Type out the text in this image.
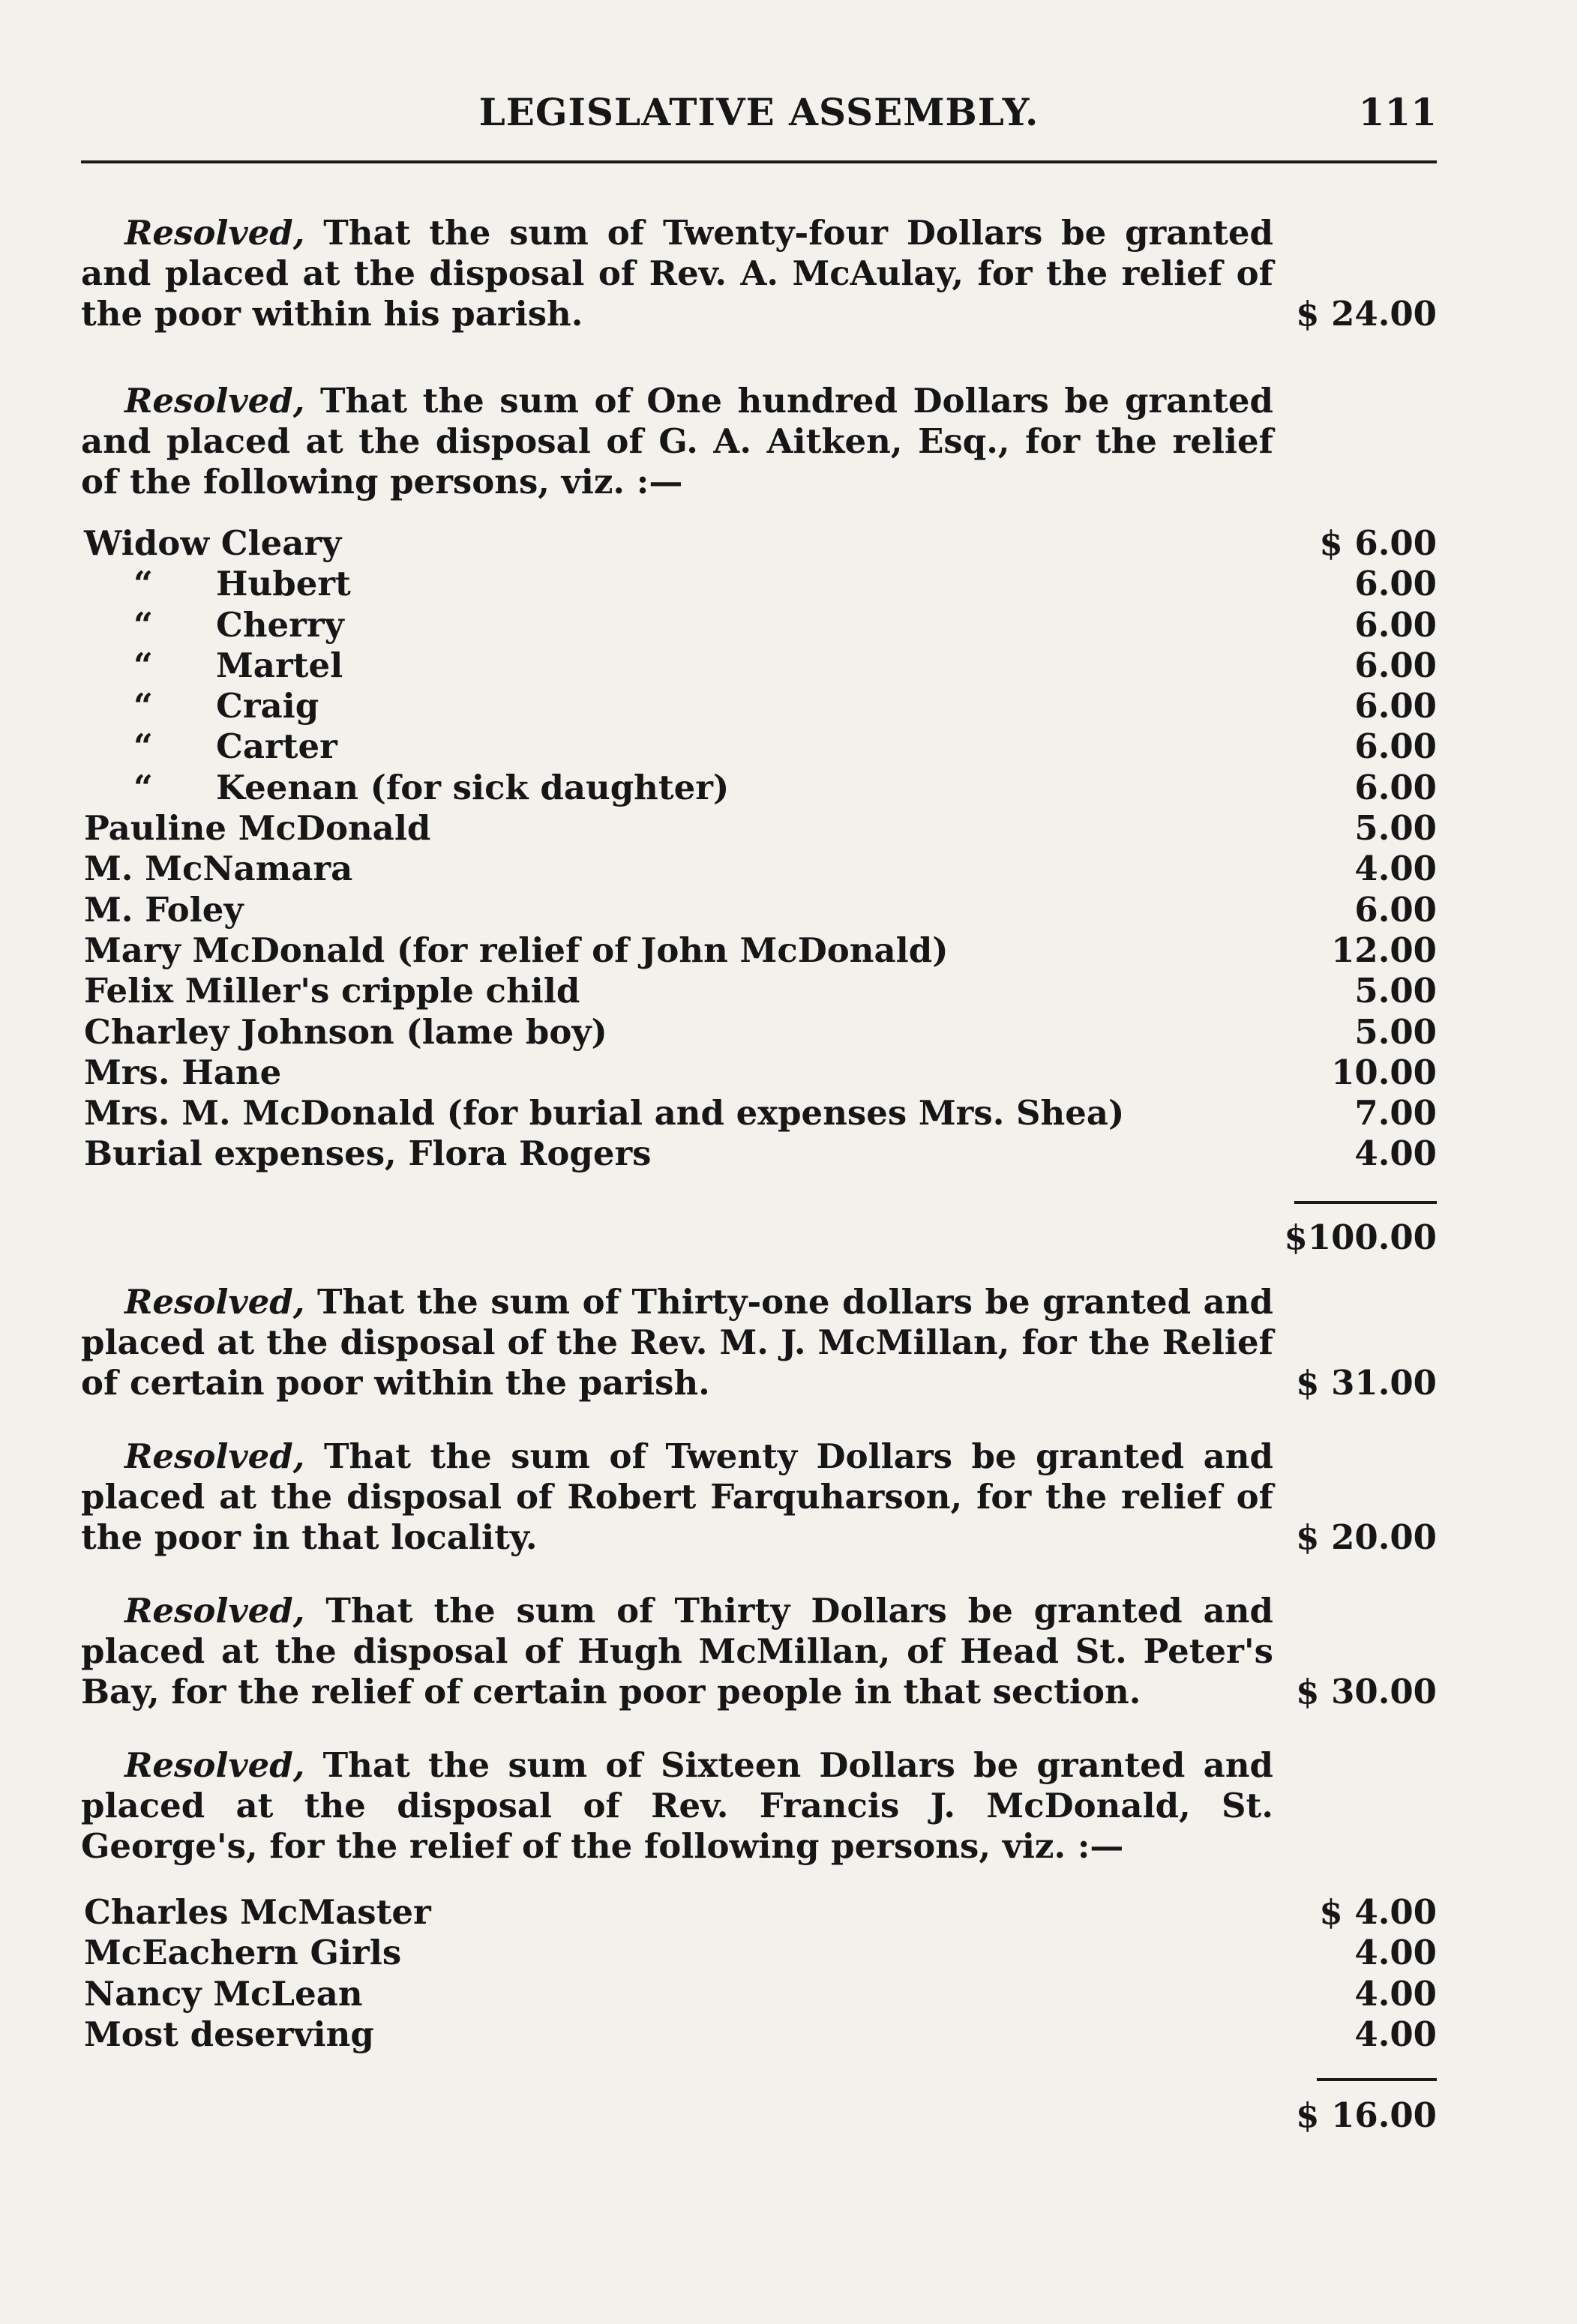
LEGISLATIVE ASSEMBLY.	111
Resolved, That the sum of Twenty-four Dollars be granted and placed at the disposal of Rev. A. McAulay, for the relief of the poor within his parish.	$ 24.00
Resolved, That the sum of One hundred Dollars be granted and placed at the disposal of G. A. Aitken, Esq., for the relief of the following persons, viz. :—
Widow Cleary	$ 6.00
“ Hubert	6.00
“ Cherry	6.00
“ Martel	6.00
“ Craig	6.00
“ Carter	6.00
“ Keenan (for sick daughter)	6.00
Pauline McDonald	5.00
M. McNamara	4.00
M. Foley	6.00
Mary McDonald (for relief of John McDonald)	12.00
Felix Miller's cripple child	5.00
Charley Johnson (lame boy)	5.00
Mrs. Hane	10.00
Mrs. M. McDonald (for burial and expenses Mrs. Shea)	7.00
Burial expenses, Flora Rogers	4.00
$100.00
Resolved, That the sum of Thirty-one dollars be granted and placed at the disposal of the Rev. M. J. McMillan, for the Relief of certain poor within the parish.	$ 31.00
Resolved, That the sum of Twenty Dollars be granted and placed at the disposal of Robert Farquharson, for the relief of the poor in that locality.	$ 20.00
Resolved, That the sum of Thirty Dollars be granted and placed at the disposal of Hugh McMillan, of Head St. Peter's Bay, for the relief of certain poor people in that section.	$ 30.00
Resolved, That the sum of Sixteen Dollars be granted and placed at the disposal of Rev. Francis J. McDonald, St. George's, for the relief of the following persons, viz. :—
Charles McMaster	$ 4.00
McEachern Girls	4.00
Nancy McLean	4.00
Most deserving	4.00
$ 16.00
